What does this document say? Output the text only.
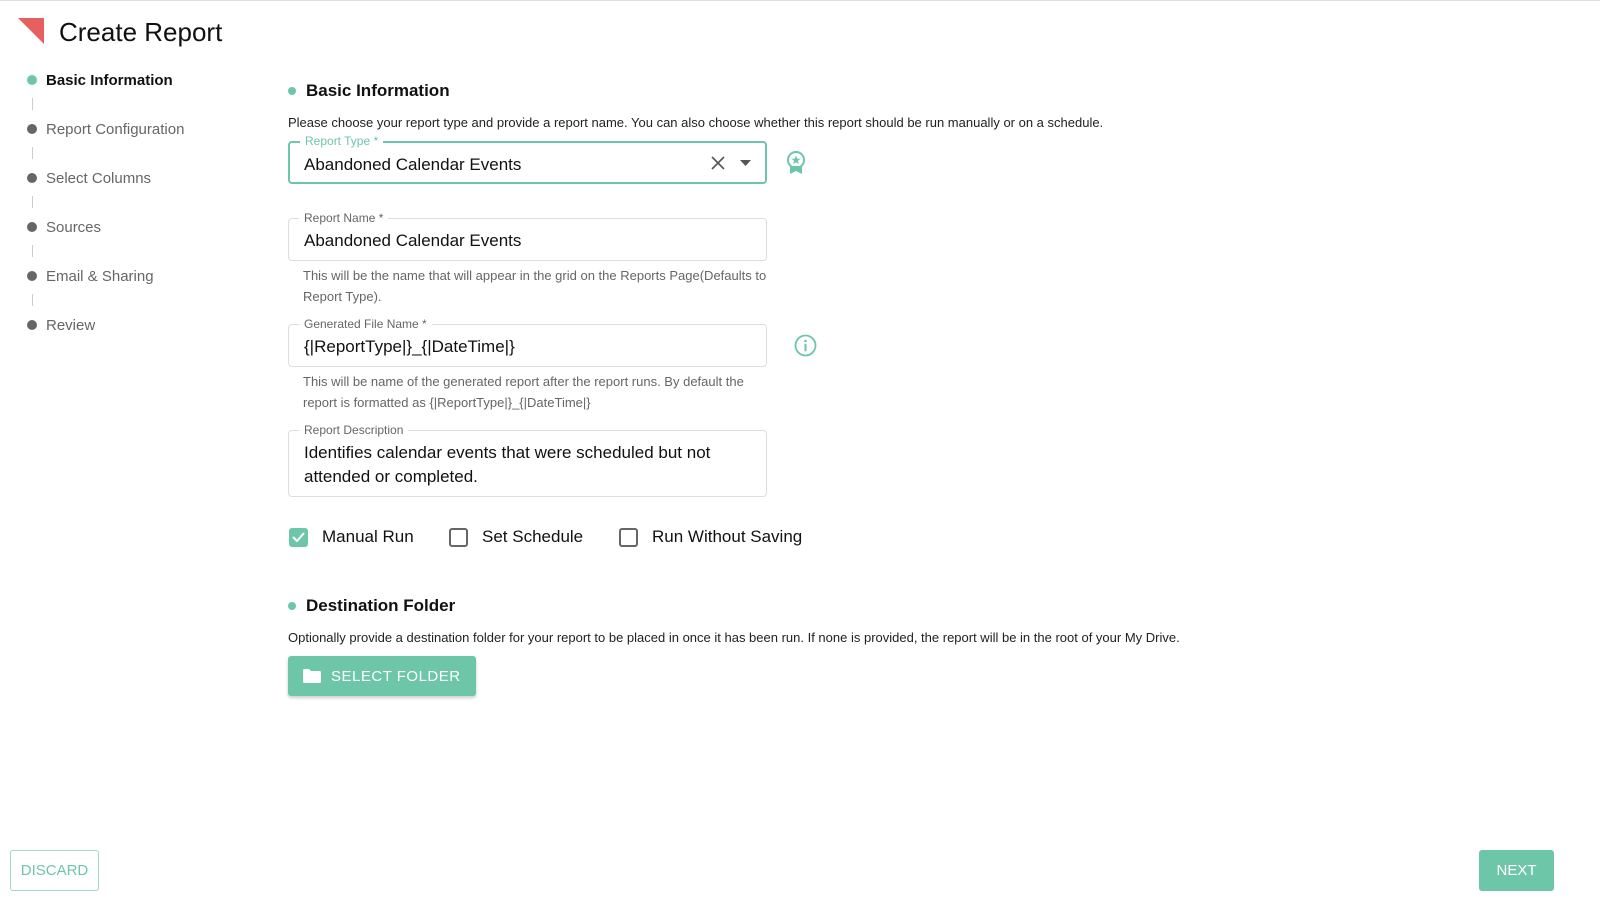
Create Report
Basic Information
Report Configuration
Select Columns
Sources
Email & Sharing
Review
Basic Information
Please choose your report type and provide a report name. You can also choose whether this report should be run manually or on a schedule.
Report Type *
Abandoned Calendar Events
Report Name *
Abandoned Calendar Events
This will be the name that will appear in the grid on the Reports Page(Defaults to Report Type).
Generated File Name *
{|ReportType|}_{|DateTime|}
This will be name of the generated report after the report runs. By default the report is formatted as {|ReportType|}_{|DateTime|}
Report Description
Identifies calendar events that were scheduled but not attended or completed.
Manual Run	Set Schedule	Run Without Saving
Destination Folder
Optionally provide a destination folder for your report to be placed in once it has been run. If none is provided, the report will be in the root of your My Drive.
SELECT FOLDER
DISCARD	NEXT
